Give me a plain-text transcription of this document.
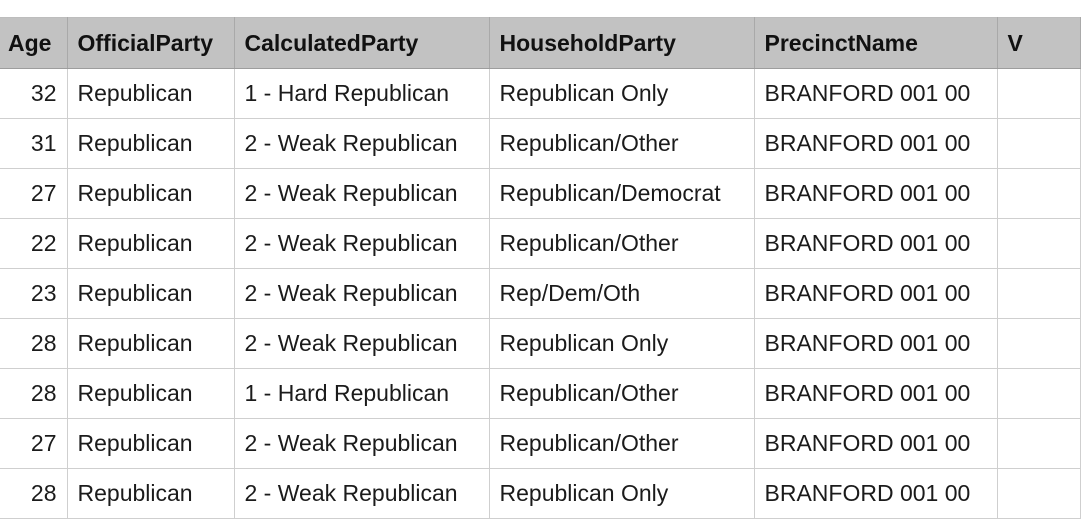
Age	OfficialParty	CalculatedParty	HouseholdParty	PrecinctName	V
32	Republican	1 - Hard Republican	Republican Only	BRANFORD 001 00	
31	Republican	2 - Weak Republican	Republican/Other	BRANFORD 001 00	
27	Republican	2 - Weak Republican	Republican/Democrat	BRANFORD 001 00	
22	Republican	2 - Weak Republican	Republican/Other	BRANFORD 001 00	
23	Republican	2 - Weak Republican	Rep/Dem/Oth	BRANFORD 001 00	
28	Republican	2 - Weak Republican	Republican Only	BRANFORD 001 00	
28	Republican	1 - Hard Republican	Republican/Other	BRANFORD 001 00	
27	Republican	2 - Weak Republican	Republican/Other	BRANFORD 001 00	
28	Republican	2 - Weak Republican	Republican Only	BRANFORD 001 00	
